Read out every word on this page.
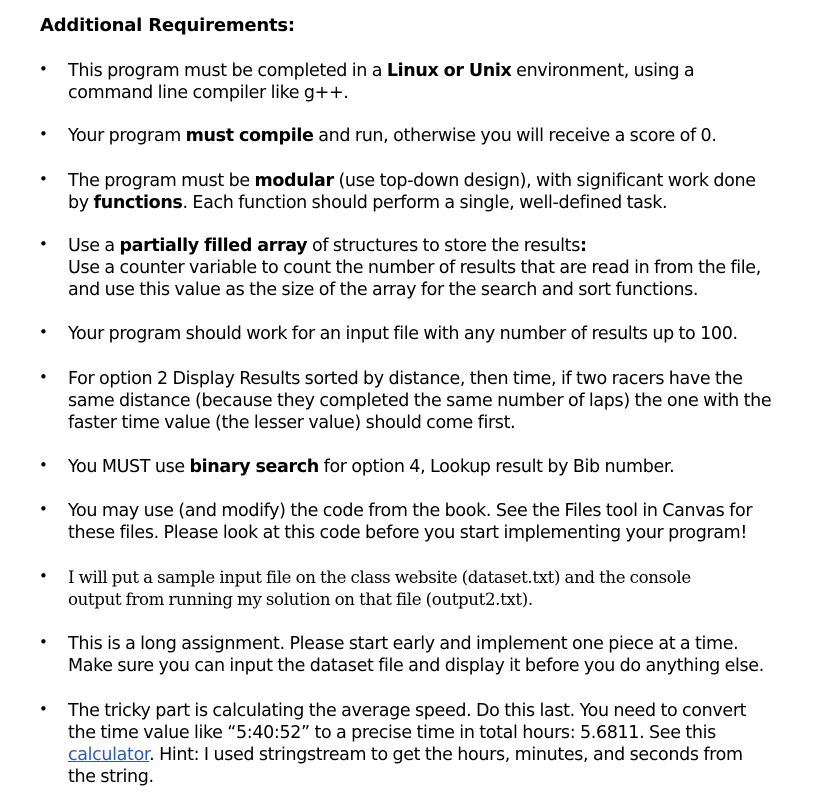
Additional Requirements:
• This program must be completed in a Linux or Unix environment, using a
command line compiler like g++.
• Your program must compile and run, otherwise you will receive a score of 0.
• The program must be modular (use top-down design), with significant work done
by functions. Each function should perform a single, well-defined task.
• Use a partially filled array of structures to store the results:
Use a counter variable to count the number of results that are read in from the file,
and use this value as the size of the array for the search and sort functions.
• Your program should work for an input file with any number of results up to 100.
• For option 2 Display Results sorted by distance, then time, if two racers have the
same distance (because they completed the same number of laps) the one with the
faster time value (the lesser value) should come first.
• You MUST use binary search for option 4, Lookup result by Bib number.
• You may use (and modify) the code from the book. See the Files tool in Canvas for
these files. Please look at this code before you start implementing your program!
• I will put a sample input file on the class website (dataset.txt) and the console
output from running my solution on that file (output2.txt).
• This is a long assignment. Please start early and implement one piece at a time.
Make sure you can input the dataset file and display it before you do anything else.
• The tricky part is calculating the average speed. Do this last. You need to convert
the time value like “5:40:52” to a precise time in total hours: 5.6811. See this
calculator. Hint: I used stringstream to get the hours, minutes, and seconds from
the string.
